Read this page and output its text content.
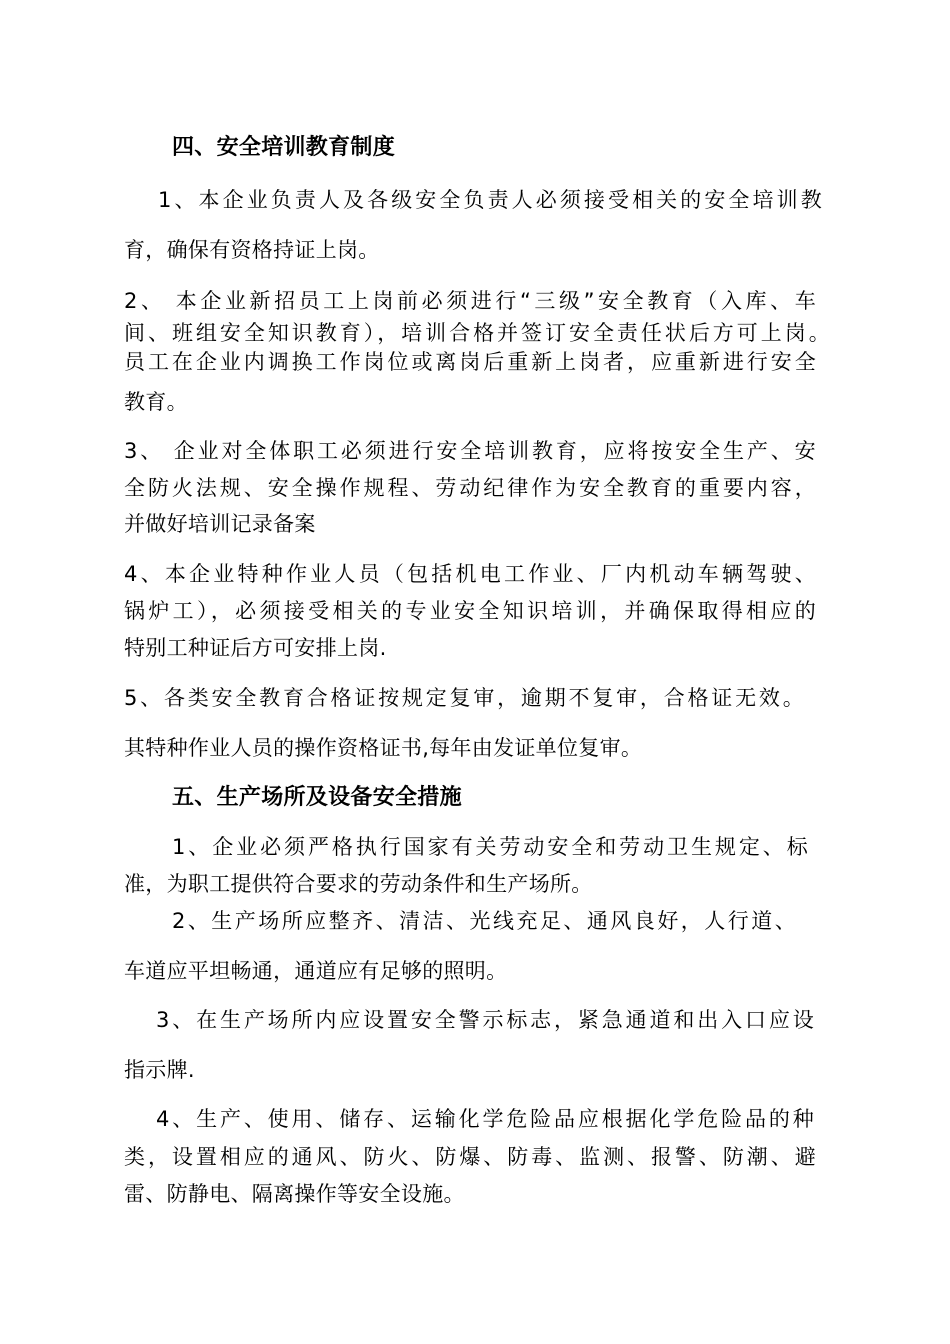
四、安全培训教育制度
1、本企业负责人及各级安全负责人必须接受相关的安全培训教
育，确保有资格持证上岗。
2、 本企业新招员工上岗前必须进行“三级”安全教育（入库、车
间、班组安全知识教育），培训合格并签订安全责任状后方可上岗。
员工在企业内调换工作岗位或离岗后重新上岗者，应重新进行安全
教育。
3、 企业对全体职工必须进行安全培训教育，应将按安全生产、安
全防火法规、安全操作规程、劳动纪律作为安全教育的重要内容，
并做好培训记录备案
4、本企业特种作业人员（包括机电工作业、厂内机动车辆驾驶、
锅炉工），必须接受相关的专业安全知识培训，并确保取得相应的
特别工种证后方可安排上岗.
5、各类安全教育合格证按规定复审，逾期不复审，合格证无效。
其特种作业人员的操作资格证书,每年由发证单位复审。
五、生产场所及设备安全措施
1、企业必须严格执行国家有关劳动安全和劳动卫生规定、标
准，为职工提供符合要求的劳动条件和生产场所。
2、生产场所应整齐、清洁、光线充足、通风良好，人行道、
车道应平坦畅通，通道应有足够的照明。
3、在生产场所内应设置安全警示标志，紧急通道和出入口应设
指示牌.
4、生产、使用、储存、运输化学危险品应根据化学危险品的种
类，设置相应的通风、防火、防爆、防毒、监测、报警、防潮、避
雷、防静电、隔离操作等安全设施。
